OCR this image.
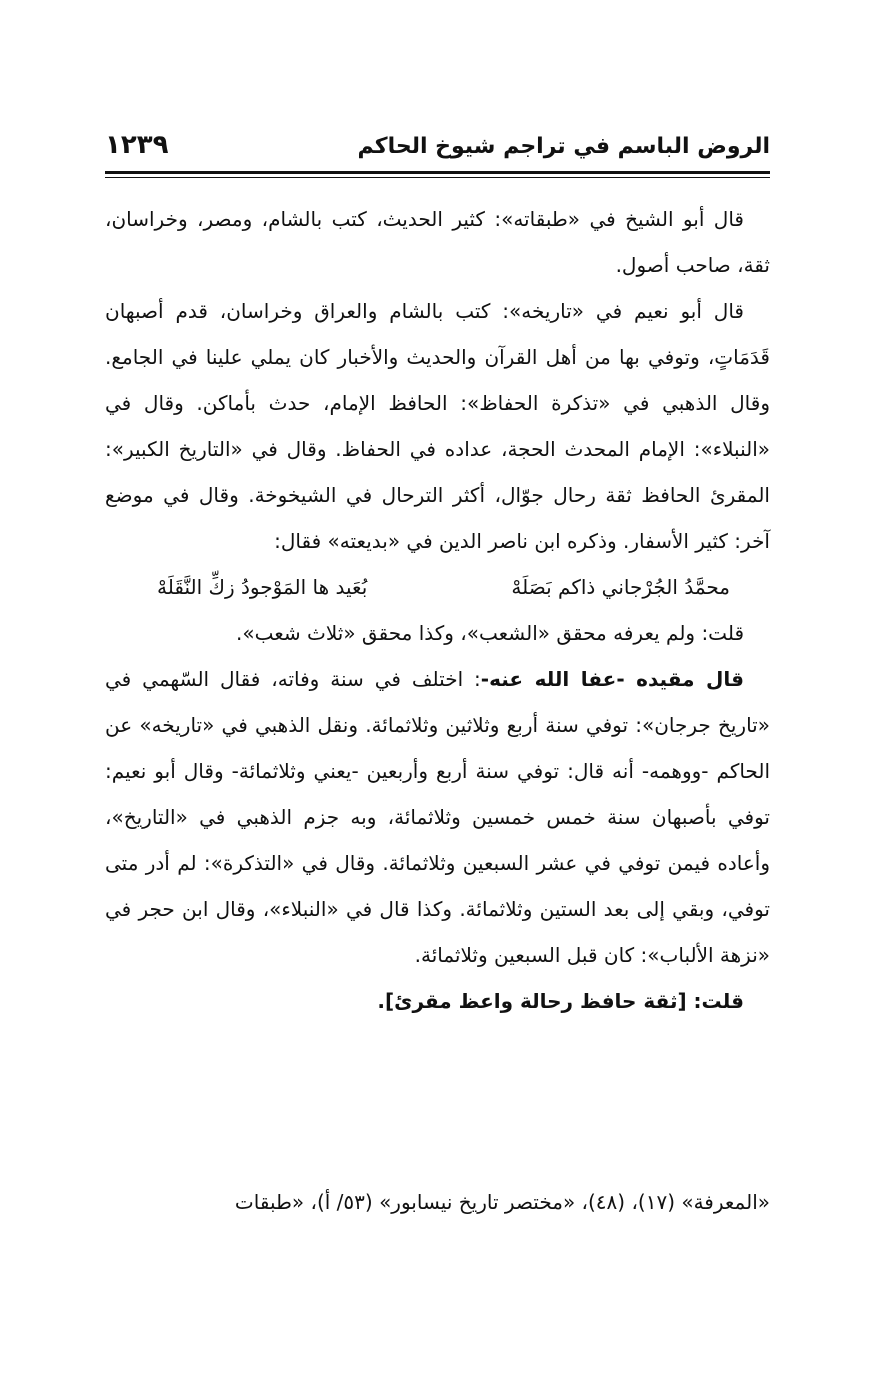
الروض الباسم في تراجم شيوخ الحاكم
١٢٣٩

قال أبو الشيخ في «طبقاته»: كثير الحديث، كتب بالشام، ومصر، وخراسان، ثقة، صاحب أصول.

قال أبو نعيم في «تاريخه»: كتب بالشام والعراق وخراسان، قدم أصبهان قَدَمَاتٍ، وتوفي بها من أهل القرآن والحديث والأخبار كان يملي علينا في الجامع. وقال الذهبي في «تذكرة الحفاظ»: الحافظ الإمام، حدث بأماكن. وقال في «النبلاء»: الإمام المحدث الحجة، عداده في الحفاظ. وقال في «التاريخ الكبير»: المقرئ الحافظ ثقة رحال جوّال، أكثر الترحال في الشيخوخة. وقال في موضع آخر: كثير الأسفار. وذكره ابن ناصر الدين في «بديعته» فقال:

محمَّدُ الجُرْجاني ذاكم بَصَلَهْ
بُعَيد ها المَوْجودُ زكِّ النَّقَلَهْ

قلت: ولم يعرفه محقق «الشعب»، وكذا محقق «ثلاث شعب».

قال مقيده -عفا الله عنه-: اختلف في سنة وفاته، فقال السّهمي في «تاريخ جرجان»: توفي سنة أربع وثلاثين وثلاثمائة. ونقل الذهبي في «تاريخه» عن الحاكم -ووهمه- أنه قال: توفي سنة أربع وأربعين -يعني وثلاثمائة- وقال أبو نعيم: توفي بأصبهان سنة خمس خمسين وثلاثمائة، وبه جزم الذهبي في «التاريخ»، وأعاده فيمن توفي في عشر السبعين وثلاثمائة. وقال في «التذكرة»: لم أدر متى توفي، وبقي إلى بعد الستين وثلاثمائة. وكذا قال في «النبلاء»، وقال ابن حجر في «نزهة الألباب»: كان قبل السبعين وثلاثمائة.

قلت: [ثقة حافظ رحالة واعظ مقرئ].

«المعرفة» (١٧)، (٤٨)، «مختصر تاريخ نيسابور» (٥٣/ أ)، «طبقات
